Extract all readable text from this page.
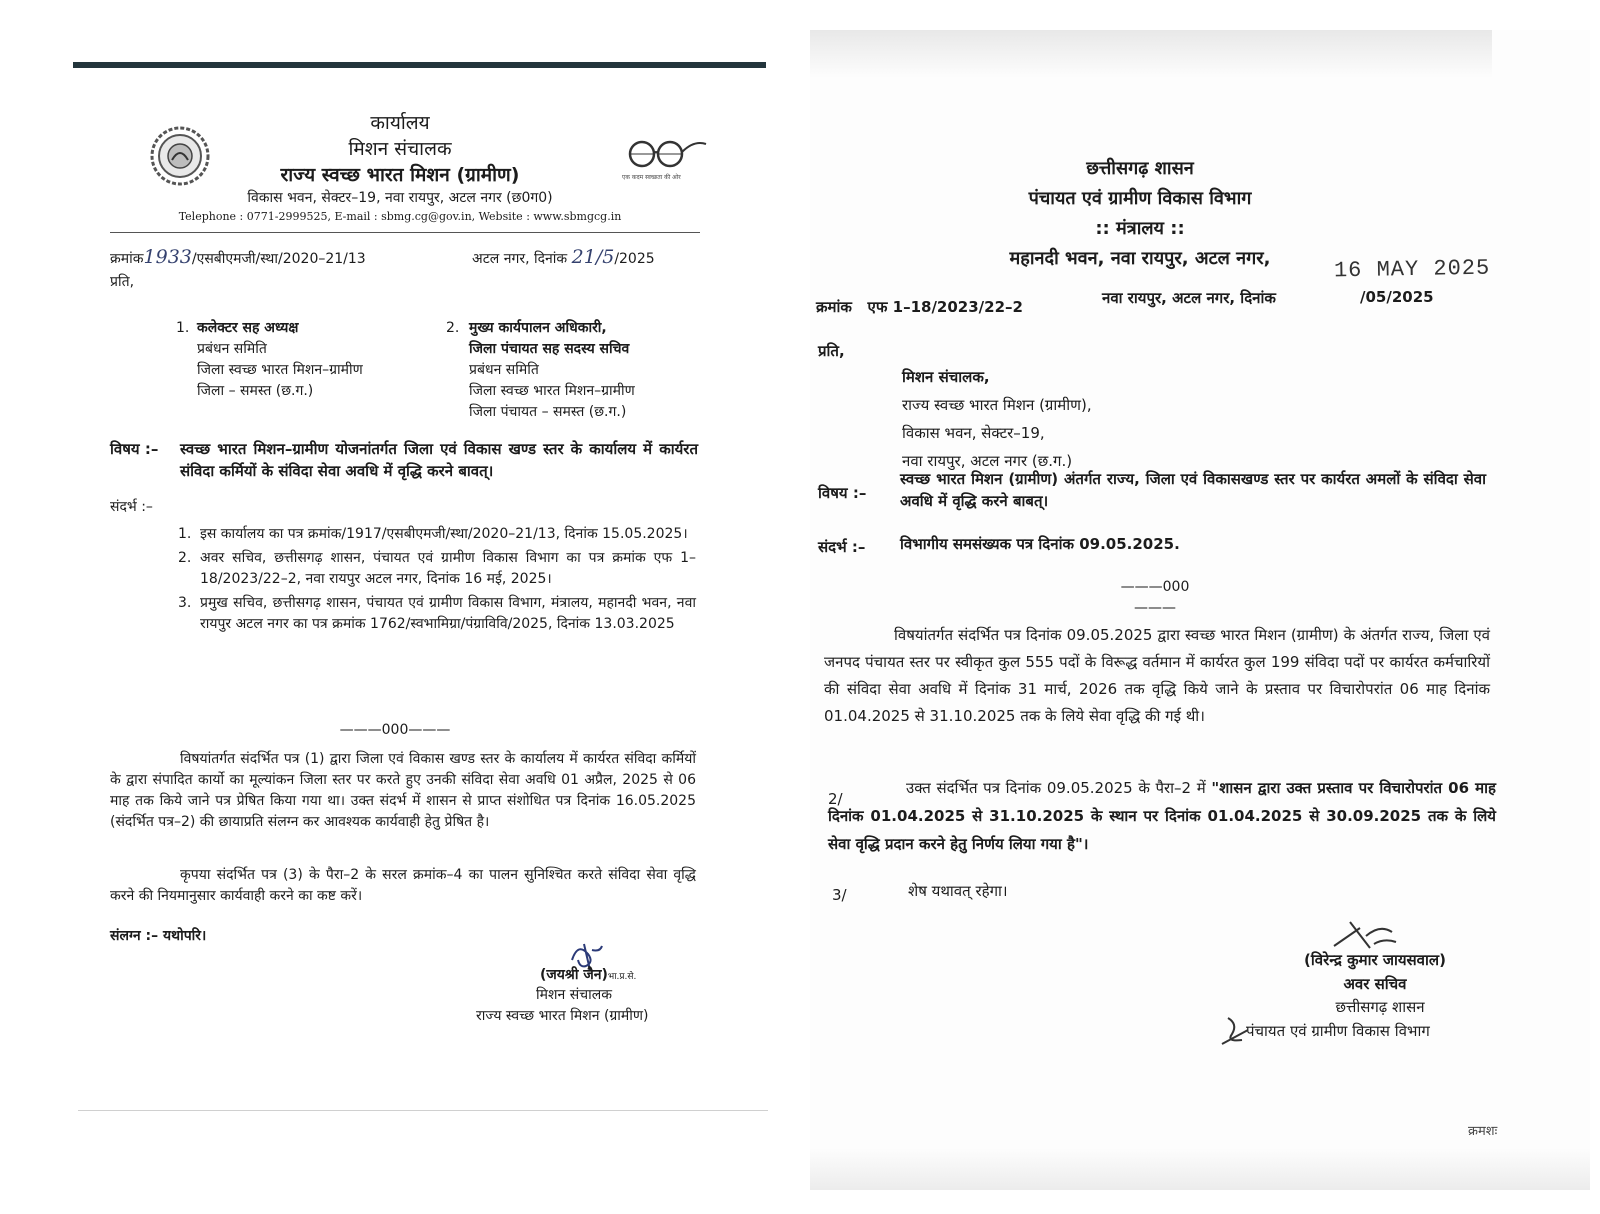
एक कदम स्वच्छता की ओर
कार्यालय
मिशन संचालक
राज्य स्वच्छ भारत मिशन (ग्रामीण)
विकास भवन, सेक्टर–19, नवा रायपुर, अटल नगर (छ0ग0)
Telephone : 0771-2999525, E-mail : sbmg.cg@gov.in, Website : www.sbmgcg.in
क्रमांक1933/एसबीएमजी/स्था/2020–21/13	अटल नगर, दिनांक 21/5/2025
प्रति,
1. कलेक्टर सह अध्यक्ष
प्रबंधन समिति
जिला स्वच्छ भारत मिशन–ग्रामीण
जिला – समस्त (छ.ग.)
2. मुख्य कार्यपालन अधिकारी,
जिला पंचायत सह सदस्य सचिव
प्रबंधन समिति
जिला स्वच्छ भारत मिशन–ग्रामीण
जिला पंचायत – समस्त (छ.ग.)
विषय :– स्वच्छ भारत मिशन–ग्रामीण योजनांतर्गत जिला एवं विकास खण्ड स्तर के कार्यालय में कार्यरत संविदा कर्मियों के संविदा सेवा अवधि में वृद्धि करने बावत्।
संदर्भ :–
1. इस कार्यालय का पत्र क्रमांक/1917/एसबीएमजी/स्था/2020–21/13, दिनांक 15.05.2025।
2. अवर सचिव, छत्तीसगढ़ शासन, पंचायत एवं ग्रामीण विकास विभाग का पत्र क्रमांक एफ 1–18/2023/22–2, नवा रायपुर अटल नगर, दिनांक 16 मई, 2025।
3. प्रमुख सचिव, छत्तीसगढ़ शासन, पंचायत एवं ग्रामीण विकास विभाग, मंत्रालय, महानदी भवन, नवा रायपुर अटल नगर का पत्र क्रमांक 1762/स्वभामिग्रा/पंग्राविवि/2025, दिनांक 13.03.2025
———000———
विषयांतर्गत संदर्भित पत्र (1) द्वारा जिला एवं विकास खण्ड स्तर के कार्यालय में कार्यरत संविदा कर्मियों के द्वारा संपादित कार्यो का मूल्यांकन जिला स्तर पर करते हुए उनकी संविदा सेवा अवधि 01 अप्रैल, 2025 से 06 माह तक किये जाने पत्र प्रेषित किया गया था। उक्त संदर्भ में शासन से प्राप्त संशोधित पत्र दिनांक 16.05.2025 (संदर्भित पत्र–2) की छायाप्रति संलग्न कर आवश्यक कार्यवाही हेतु प्रेषित है।
कृपया संदर्भित पत्र (3) के पैरा–2 के सरल क्रमांक–4 का पालन सुनिश्चित करते संविदा सेवा वृद्धि करने की नियमानुसार कार्यवाही करने का कष्ट करें।
संलग्न :– यथोपरि।
(जयश्री जैन)भा.प्र.से.
मिशन संचालक
राज्य स्वच्छ भारत मिशन (ग्रामीण)
छत्तीसगढ़ शासन
पंचायत एवं ग्रामीण विकास विभाग
:: मंत्रालय ::
महानदी भवन, नवा रायपुर, अटल नगर,	16 MAY 2025
क्रमांक   एफ 1–18/2023/22–2	नवा रायपुर, अटल नगर, दिनांक	/05/2025
प्रति,
मिशन संचालक,
राज्य स्वच्छ भारत मिशन (ग्रामीण),
विकास भवन, सेक्टर–19,
नवा रायपुर, अटल नगर (छ.ग.)
विषय :–
स्वच्छ भारत मिशन (ग्रामीण) अंतर्गत राज्य, जिला एवं विकासखण्ड स्तर पर कार्यरत अमलों के संविदा सेवा अवधि में वृद्धि करने बाबत्।
संदर्भ :– विभागीय समसंख्यक पत्र दिनांक 09.05.2025.
———000———
विषयांतर्गत संदर्भित पत्र दिनांक 09.05.2025 द्वारा स्वच्छ भारत मिशन (ग्रामीण) के अंतर्गत राज्य, जिला एवं जनपद पंचायत स्तर पर स्वीकृत कुल 555 पदों के विरूद्ध वर्तमान में कार्यरत कुल 199 संविदा पदों पर कार्यरत कर्मचारियों की संविदा सेवा अवधि में दिनांक 31 मार्च, 2026 तक वृद्धि किये जाने के प्रस्ताव पर विचारोपरांत 06 माह दिनांक 01.04.2025 से 31.10.2025 तक के लिये सेवा वृद्धि की गई थी।
2/
उक्त संदर्भित पत्र दिनांक 09.05.2025 के पैरा–2 में "शासन द्वारा उक्त प्रस्ताव पर विचारोपरांत 06 माह दिनांक 01.04.2025 से 31.10.2025 के स्थान पर दिनांक 01.04.2025 से 30.09.2025 तक के लिये सेवा वृद्धि प्रदान करने हेतु निर्णय लिया गया है"।
3/	शेष यथावत् रहेगा।
(विरेन्द्र कुमार जायसवाल)
अवर सचिव
छत्तीसगढ़ शासन
पंचायत एवं ग्रामीण विकास विभाग
क्रमशः
